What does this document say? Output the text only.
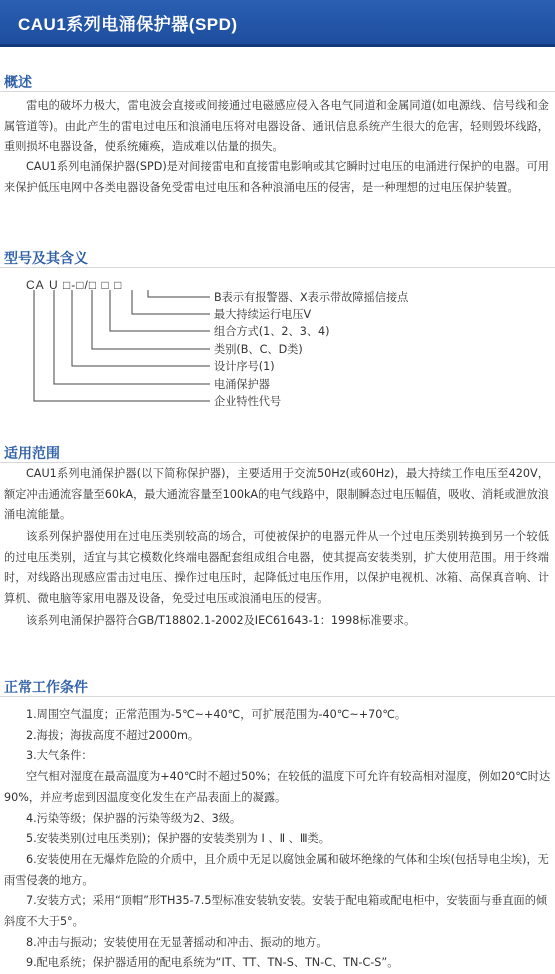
CAU1系列电涌保护器(SPD)
概述
雷电的破坏力极大，雷电波会直接或间接通过电磁感应侵入各电气同道和金属同道(如电源线、信号线和金属管道等)。由此产生的雷电过电压和浪涌电压将对电器设备、通讯信息系统产生很大的危害，轻则毁坏线路，重则损坏电器设备，使系统瘫痪，造成难以估量的损失。
CAU1系列电涌保护器(SPD)是对间接雷电和直接雷电影响或其它瞬时过电压的电涌进行保护的电器。可用来保护低压电网中各类电器设备免受雷电过电压和各种浪涌电压的侵害，是一种理想的过电压保护装置。
型号及其含义
CA U □-□/□ □ □
B表示有报警器、X表示带故障摇信接点
最大持续运行电压V
组合方式(1、2、3、4)
类别(B、C、D类)
设计序号(1)
电涌保护器
企业特性代号
适用范围
CAU1系列电涌保护器(以下简称保护器)，主要适用于交流50Hz(或60Hz)，最大持续工作电压至420V，额定冲击通流容量至60kA，最大通流容量至100kA的电气线路中，限制瞬态过电压幅值，吸收、消耗或泄放浪涌电流能量。
该系列保护器使用在过电压类别较高的场合，可使被保护的电器元件从一个过电压类别转换到另一个较低的过电压类别，适宜与其它模数化终端电器配套组成组合电器，使其提高安装类别，扩大使用范围。用于终端时，对线路出现感应雷击过电压、操作过电压时，起降低过电压作用，以保护电视机、冰箱、高保真音响、计算机、微电脑等家用电器及设备，免受过电压或浪涌电压的侵害。
该系列电涌保护器符合GB/T18802.1-2002及IEC61643-1：1998标准要求。
正常工作条件
1.周围空气温度；正常范围为-5℃~+40℃，可扩展范围为-40℃~+70℃。
2.海拔；海拔高度不超过2000m。
3.大气条件：
空气相对湿度在最高温度为+40℃时不超过50%；在较低的温度下可允许有较高相对湿度，例如20℃时达90%，并应考虑到因温度变化发生在产品表面上的凝露。
4.污染等级；保护器的污染等级为2、3级。
5.安装类别(过电压类别)；保护器的安装类别为 Ⅰ 、Ⅱ 、Ⅲ类。
6.安装使用在无爆炸危险的介质中，且介质中无足以腐蚀金属和破坏绝缘的气体和尘埃(包括导电尘埃)，无雨雪侵袭的地方。
7.安装方式；采用“顶帽”形TH35-7.5型标准安装轨安装。安装于配电箱或配电柜中，安装面与垂直面的倾斜度不大于5°。
8.冲击与振动；安装使用在无显著摇动和冲击、振动的地方。
9.配电系统；保护器适用的配电系统为“IT、TT、TN-S、TN-C、TN-C-S”。
